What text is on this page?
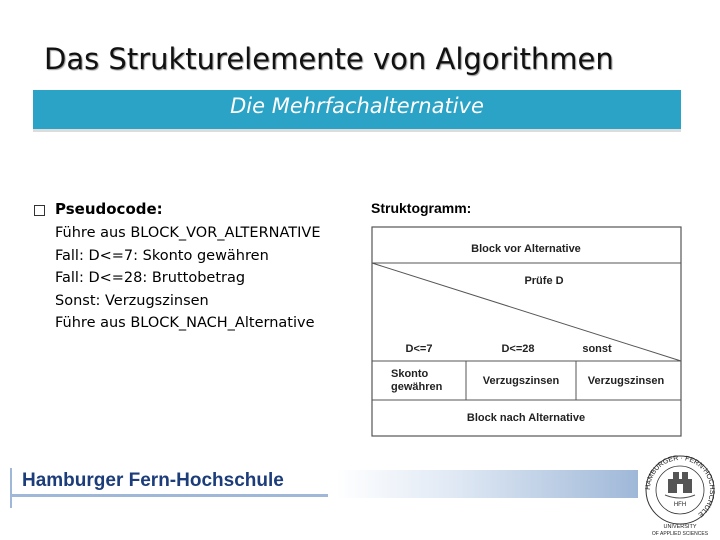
Das Strukturelemente von Algorithmen
Die Mehrfachalternative
Pseudocode:
Führe aus BLOCK_VOR_ALTERNATIVE
Fall: D<=7: Skonto gewähren
Fall: D<=28: Bruttobetrag
Sonst: Verzugszinsen
Führe aus BLOCK_NACH_Alternative
Struktogramm:
Block vor Alternative
Prüfe D
D<=7	D<=28	sonst
Skonto
gewähren	Verzugszinsen	Verzugszinsen
Block nach Alternative
Hamburger Fern-Hochschule	HAMBURGER · FERN-HOCHSCHULE
HFH
UNIVERSITY
OF APPLIED SCIENCES
